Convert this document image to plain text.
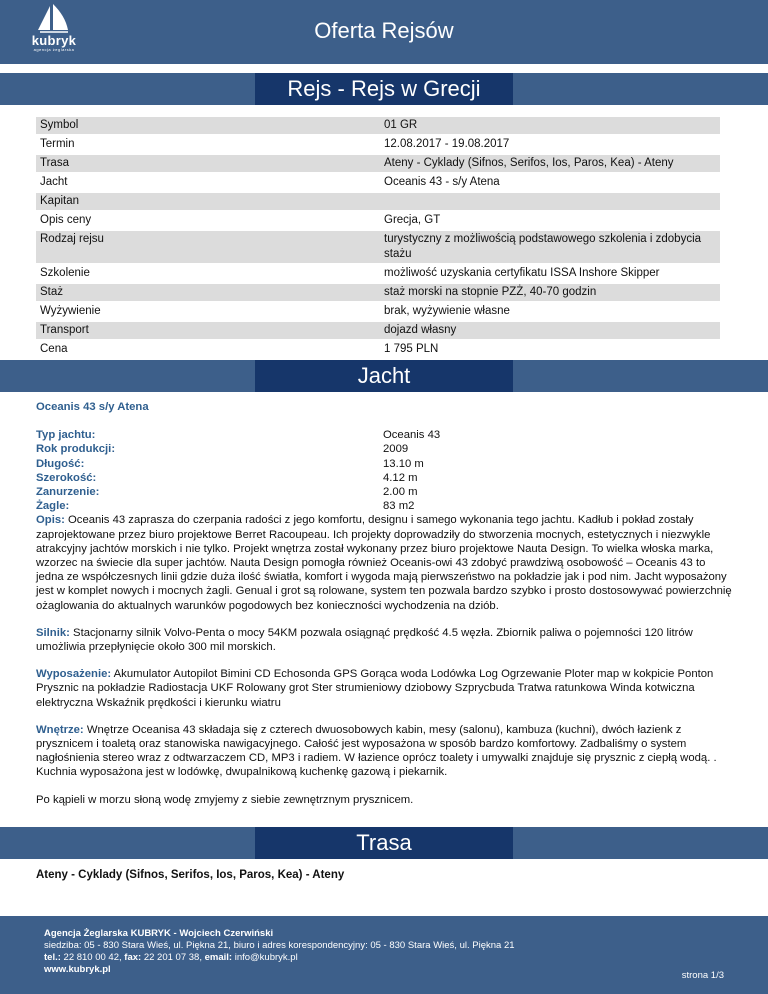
kubryk
agencja żeglarska
Oferta Rejsów
Rejs - Rejs w Grecji
Symbol	01 GR
Termin	12.08.2017 - 19.08.2017
Trasa	Ateny - Cyklady (Sifnos, Serifos, Ios, Paros, Kea) - Ateny
Jacht	Oceanis 43 - s/y Atena
Kapitan	
Opis ceny	Grecja, GT
Rodzaj rejsu	turystyczny z możliwością podstawowego szkolenia i zdobycia stażu
Szkolenie	możliwość uzyskania certyfikatu ISSA Inshore Skipper
Staż	staż morski na stopnie PZŻ, 40-70 godzin
Wyżywienie	brak, wyżywienie własne
Transport	dojazd własny
Cena	1 795 PLN
Jacht
Oceanis 43 s/y Atena
Typ jachtu:	Oceanis 43
Rok produkcji:	2009
Długość:	13.10 m
Szerokość:	4.12 m
Zanurzenie:	2.00 m
Żagle:	83 m2

Opis: Oceanis 43 zaprasza do czerpania radości z jego komfortu, designu i samego wykonania tego jachtu. Kadłub i pokład zostały zaprojektowane przez biuro projektowe Berret Racoupeau. Ich projekty doprowadziły do stworzenia mocnych, estetycznych i niezwykle atrakcyjny jachtów morskich i nie tylko. Projekt wnętrza został wykonany przez biuro projektowe Nauta Design. To wielka włoska marka, wzorzec na świecie dla super jachtów. Nauta Design pomogła również Oceanis-owi 43 zdobyć prawdziwą osobowość – Oceanis 43 to jedna ze współczesnych linii gdzie duża ilość światła, komfort i wygoda mają pierwszeństwo na pokładzie jak i pod nim. Jacht wyposażony jest w komplet nowych i mocnych żagli. Genual i grot są rolowane, system ten pozwala bardzo szybko i prosto dostosowywać powierzchnię ożaglowania do aktualnych warunków pogodowych bez konieczności wychodzenia na dziób.

Silnik: Stacjonarny silnik Volvo-Penta o mocy 54KM pozwala osiągnąć prędkość 4.5 węzła. Zbiornik paliwa o pojemności 120 litrów umożliwia przepłynięcie około 300 mil morskich.

Wyposażenie: Akumulator Autopilot Bimini CD Echosonda GPS Gorąca woda Lodówka Log Ogrzewanie Ploter map w kokpicie Ponton Prysznic na pokładzie Radiostacja UKF Rolowany grot Ster strumieniowy dziobowy Szprycbuda Tratwa ratunkowa Winda kotwiczna elektryczna Wskaźnik prędkości i kierunku wiatru

Wnętrze: Wnętrze Oceanisa 43 składaja się z czterech dwuosobowych kabin, mesy (salonu), kambuza (kuchni), dwóch łazienk z prysznicem i toaletą oraz stanowiska nawigacyjnego. Całość jest wyposażona w sposób bardzo komfortowy. Zadbaliśmy o system nagłośnienia stereo wraz z odtwarzaczem CD, MP3 i radiem. W łazience oprócz toalety i umywalki znajduje się prysznic z ciepłą wodą. . Kuchnia wyposażona jest w lodówkę, dwupalnikową kuchenkę gazową i piekarnik.

Po kąpieli w morzu słoną wodę zmyjemy z siebie zewnętrznym prysznicem.

Trasa
Ateny - Cyklady (Sifnos, Serifos, Ios, Paros, Kea) - Ateny
Agencja Żeglarska KUBRYK - Wojciech Czerwiński
siedziba: 05 - 830 Stara Wieś, ul. Piękna 21, biuro i adres korespondencyjny: 05 - 830 Stara Wieś, ul. Piękna 21
tel.: 22 810 00 42, fax: 22 201 07 38, email: info@kubryk.pl
www.kubryk.pl
strona 1/3
